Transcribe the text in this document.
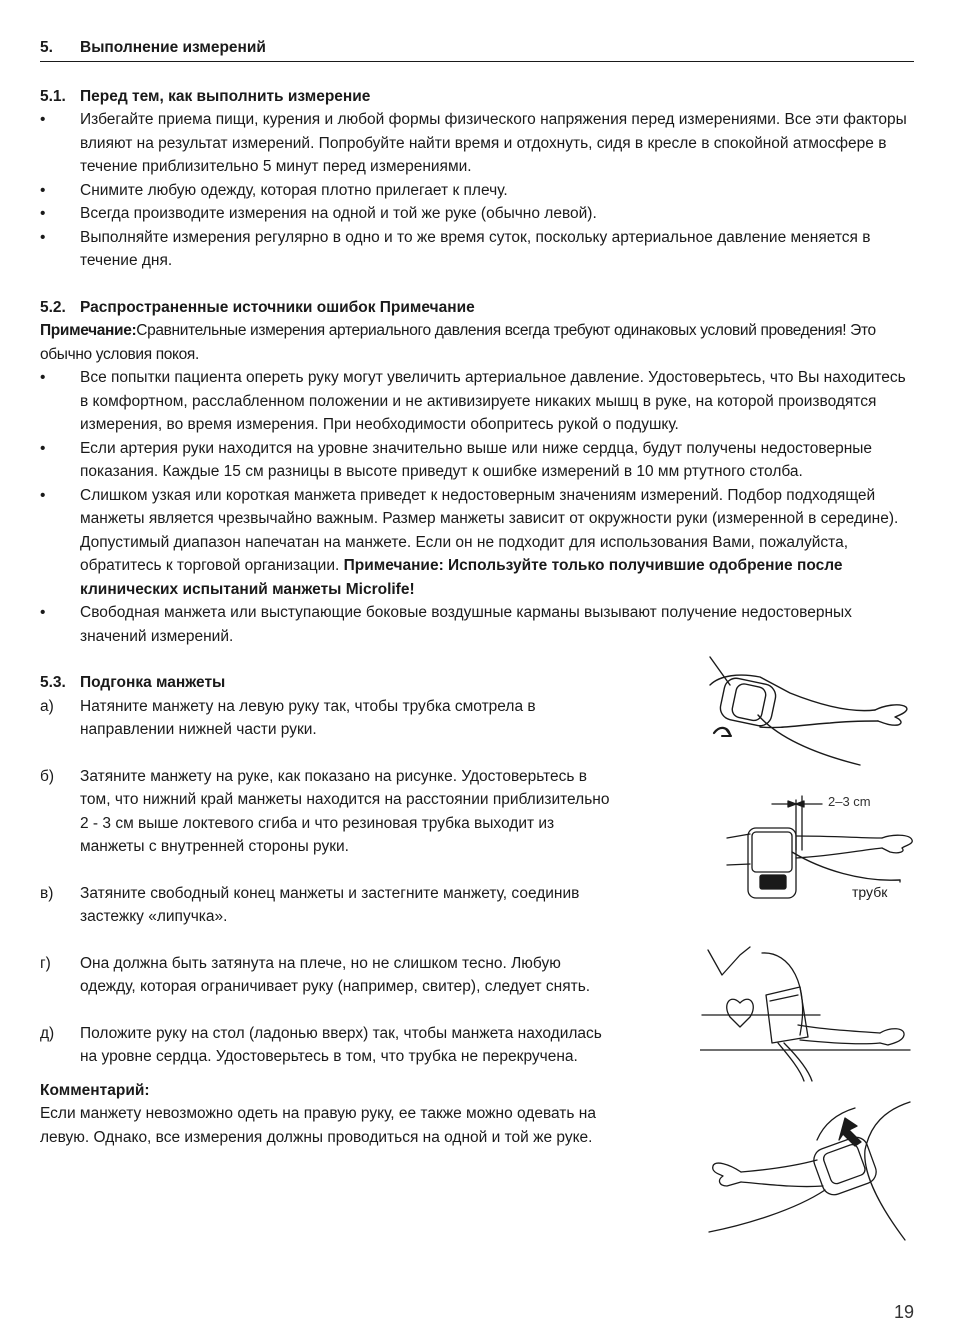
5.	Выполнение измерений
5.1. Перед тем, как выполнить измерение
•	Избегайте приема пищи, курения и любой формы физического напряжения перед измерениями. Все эти факторы влияют на результат измерений. Попробуйте найти время и отдохнуть, сидя в кресле в спокойной атмосфере в течение приблизительно 5 минут перед измерениями.
•	Снимите любую одежду, которая плотно прилегает к плечу.
•	Всегда производите измерения на одной и той же руке (обычно левой).
•	Выполняйте измерения регулярно в одно и то же время суток, поскольку артериальное давление меняется в течение дня.
5.2. Распространенные источники ошибок Примечание
Примечание:Сравнительные измерения артериального давления всегда требуют одинаковых условий проведения! Это обычно условия покоя.
•	Все попытки пациента опереть руку могут увеличить артериальное давление. Удостоверьтесь, что Вы находитесь в комфортном, расслабленном положении и не активизируете никаких мышц в руке, на которой производятся измерения, во время измерения. При необходимости обопритесь рукой о подушку.
•	Если артерия руки находится на уровне значительно выше или ниже сердца, будут получены недостоверные показания. Каждые 15 см разницы в высоте приведут к ошибке измерений в 10 мм ртутного столба.
•	Слишком узкая или короткая манжета приведет к недостоверным значениям измерений. Подбор подходящей манжеты является чрезвычайно важным. Размер манжеты зависит от окружности руки (измеренной в середине). Допустимый диапазон напечатан на манжете. Если он не подходит для использования Вами, пожалуйста, обратитесь к торговой организации. Примечание: Используйте только получившие одобрение после клинических испытаний манжеты Microlife!
•	Свободная манжета или выступающие боковые воздушные карманы вызывают получение недостоверных значений измерений.
5.3. Подгонка манжеты
а)	Натяните манжету на левую руку так, чтобы трубка смотрела в направлении нижней части руки.
б)	Затяните манжету на руке, как показано на рисунке. Удостоверьтесь в том, что нижний край манжеты находится на расстоянии приблизительно 2 - 3 см выше локтевого сгиба и что резиновая трубка выходит из манжеты с внутренней стороны руки.
в)	Затяните свободный конец манжеты и застегните манжету, соединив застежку «липучка».
г)	Она должна быть затянута на плече, но не слишком тесно. Любую одежду, которая ограничивает руку (например, свитер), следует снять.
д)	Положите руку на стол (ладонью вверх) так, чтобы манжета находилась на уровне сердца. Удостоверьтесь в том, что трубка не перекручена.
Комментарий:
Если манжету невозможно одеть на правую руку, ее также можно одевать на левую. Однако, все измерения должны проводиться на одной и той же руке.
2–3 cm
трубк
19
